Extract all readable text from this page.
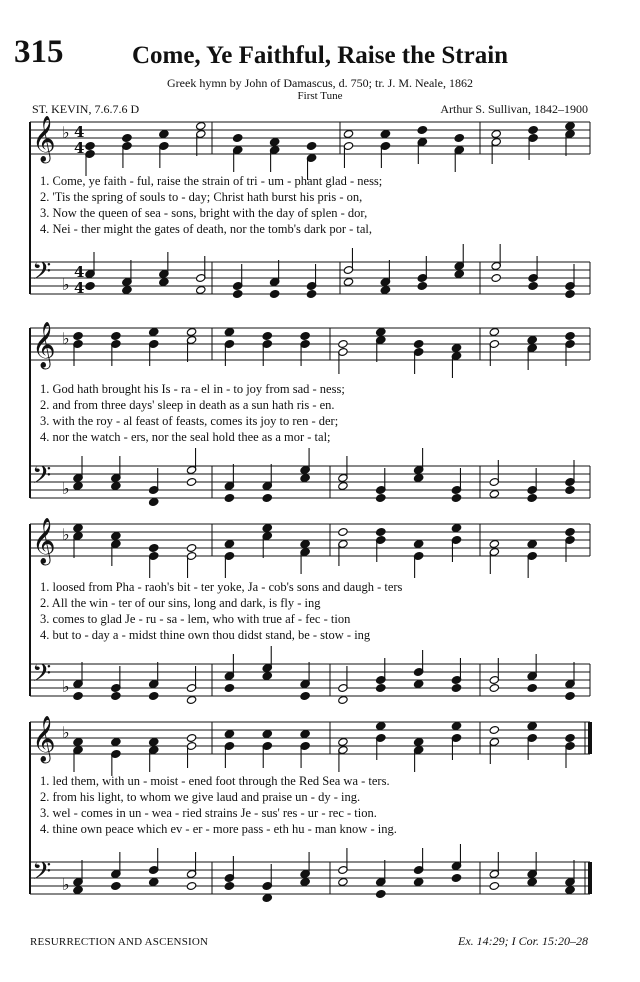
315	Come, Ye Faithful, Raise the Strain
Greek hymn by John of Damascus, d. 750; tr. J. M. Neale, 1862
First Tune
ST. KEVIN, 7.6.7.6 D	Arthur S. Sullivan, 1842–1900
𝄞 ♭ 4
4
𝄢 ♭
4
4
𝄞 ♭
𝄢 ♭
𝄞 ♭
𝄢 ♭
𝄞 ♭
𝄢 ♭
1. Come, ye faith - ful, raise the strain of tri - um - phant glad - ness;
2. 'Tis the spring of souls to - day; Christ hath burst his pris - on,
3. Now the queen of sea - sons, bright with the day of splen - dor,
4. Nei - ther might the gates of death, nor the tomb's dark por - tal,
1. God hath brought his Is - ra - el in - to joy from sad - ness;
2. and from three days' sleep in death as a sun hath ris - en.
3. with the roy - al feast of feasts, comes its joy to ren - der;
4. nor the watch - ers, nor the seal hold thee as a mor - tal;
1. loosed from Pha - raoh's bit - ter yoke, Ja - cob's sons and daugh - ters
2. All the win - ter of our sins, long and dark, is fly - ing
3. comes to glad Je - ru - sa - lem, who with true af - fec - tion
4. but to - day a - midst thine own thou didst stand, be - stow - ing
1. led them, with un - moist - ened foot through the Red Sea wa - ters.
2. from his light, to whom we give laud and praise un - dy - ing.
3. wel - comes in un - wea - ried strains Je - sus' res - ur - rec - tion.
4. thine own peace which ev - er - more pass - eth hu - man know - ing.
RESURRECTION AND ASCENSION	Ex. 14:29; I Cor. 15:20–28
